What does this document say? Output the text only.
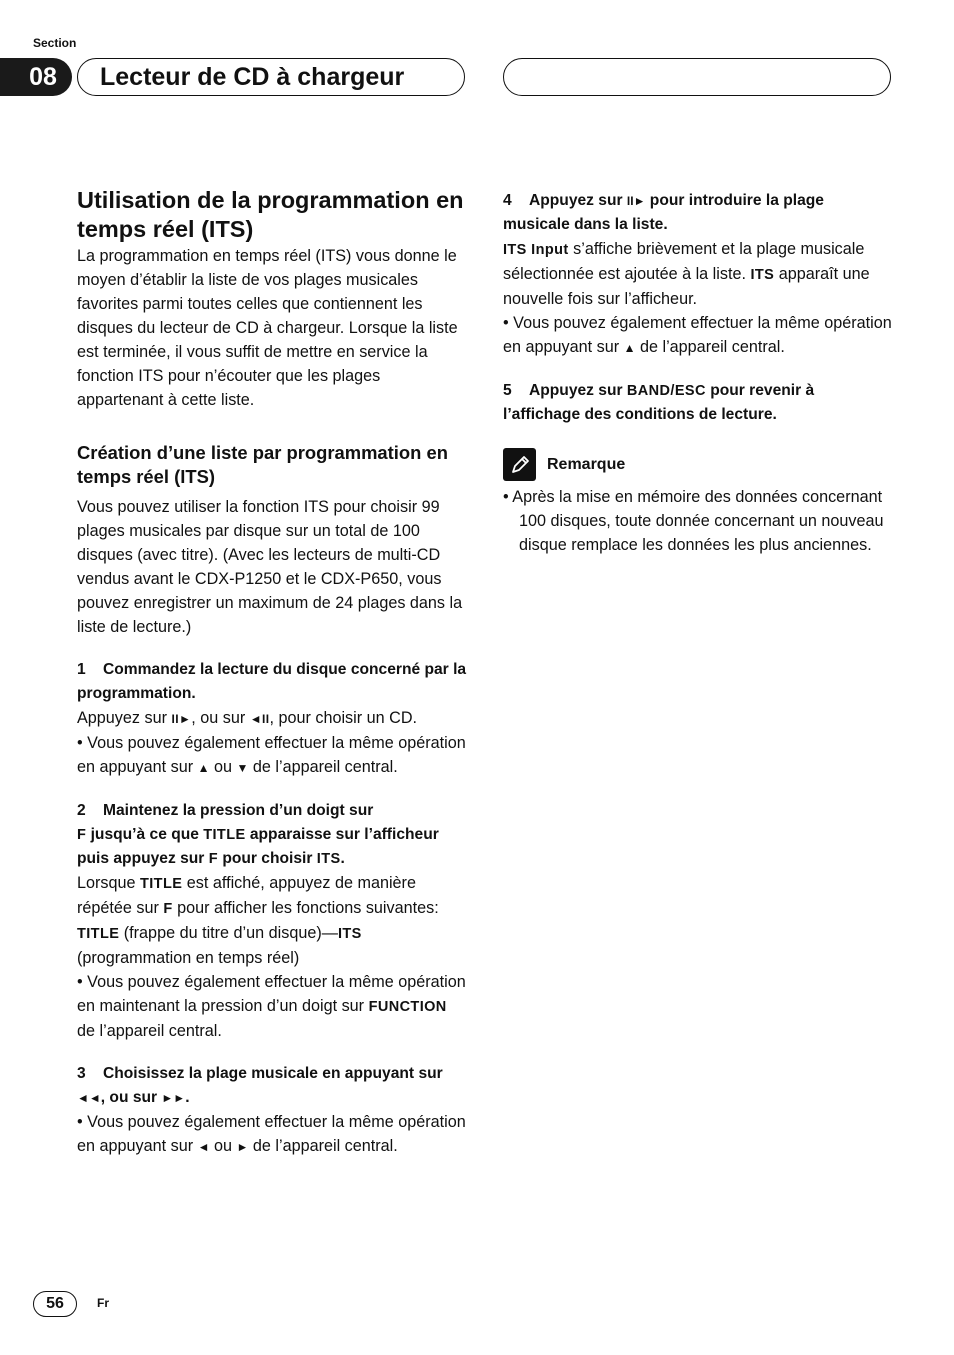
Section
08	Lecteur de CD à chargeur

Utilisation de la programmation en temps réel (ITS)

La programmation en temps réel (ITS) vous donne le moyen d’établir la liste de vos plages musicales favorites parmi toutes celles que contiennent les disques du lecteur de CD à chargeur. Lorsque la liste est terminée, il vous suffit de mettre en service la fonction ITS pour n’écouter que les plages appartenant à cette liste.

Création d’une liste par programmation en temps réel (ITS)

Vous pouvez utiliser la fonction ITS pour choisir 99 plages musicales par disque sur un total de 100 disques (avec titre). (Avec les lecteurs de multi-CD vendus avant le CDX-P1250 et le CDX-P650, vous pouvez enregistrer un maximum de 24 plages dans la liste de lecture.)

1 Commandez la lecture du disque concerné par la programmation.

Appuyez sur II►, ou sur ◄II, pour choisir un CD.

• Vous pouvez également effectuer la même opération en appuyant sur ▲ ou ▼ de l’appareil central.

2 Maintenez la pression d’un doigt sur
F jusqu’à ce que TITLE apparaisse sur l’afficheur puis appuyez sur F pour choisir ITS.

Lorsque TITLE est affiché, appuyez de manière répétée sur F pour afficher les fonctions suivantes:

TITLE (frappe du titre d’un disque)—ITS
(programmation en temps réel)

• Vous pouvez également effectuer la même opération en maintenant la pression d’un doigt sur FUNCTION de l’appareil central.

3 Choisissez la plage musicale en appuyant sur ◄◄, ou sur ►►.

• Vous pouvez également effectuer la même opération en appuyant sur ◄ ou ► de l’appareil central.

4 Appuyez sur II► pour introduire la plage musicale dans la liste.

ITS Input s’affiche brièvement et la plage musicale sélectionnée est ajoutée à la liste. ITS apparaît une nouvelle fois sur l’afficheur.

• Vous pouvez également effectuer la même opération en appuyant sur ▲ de l’appareil central.

5 Appuyez sur BAND/ESC pour revenir à l’affichage des conditions de lecture.

Remarque

• Après la mise en mémoire des données concernant 100 disques, toute donnée concernant un nouveau disque remplace les données les plus anciennes.

56	Fr
